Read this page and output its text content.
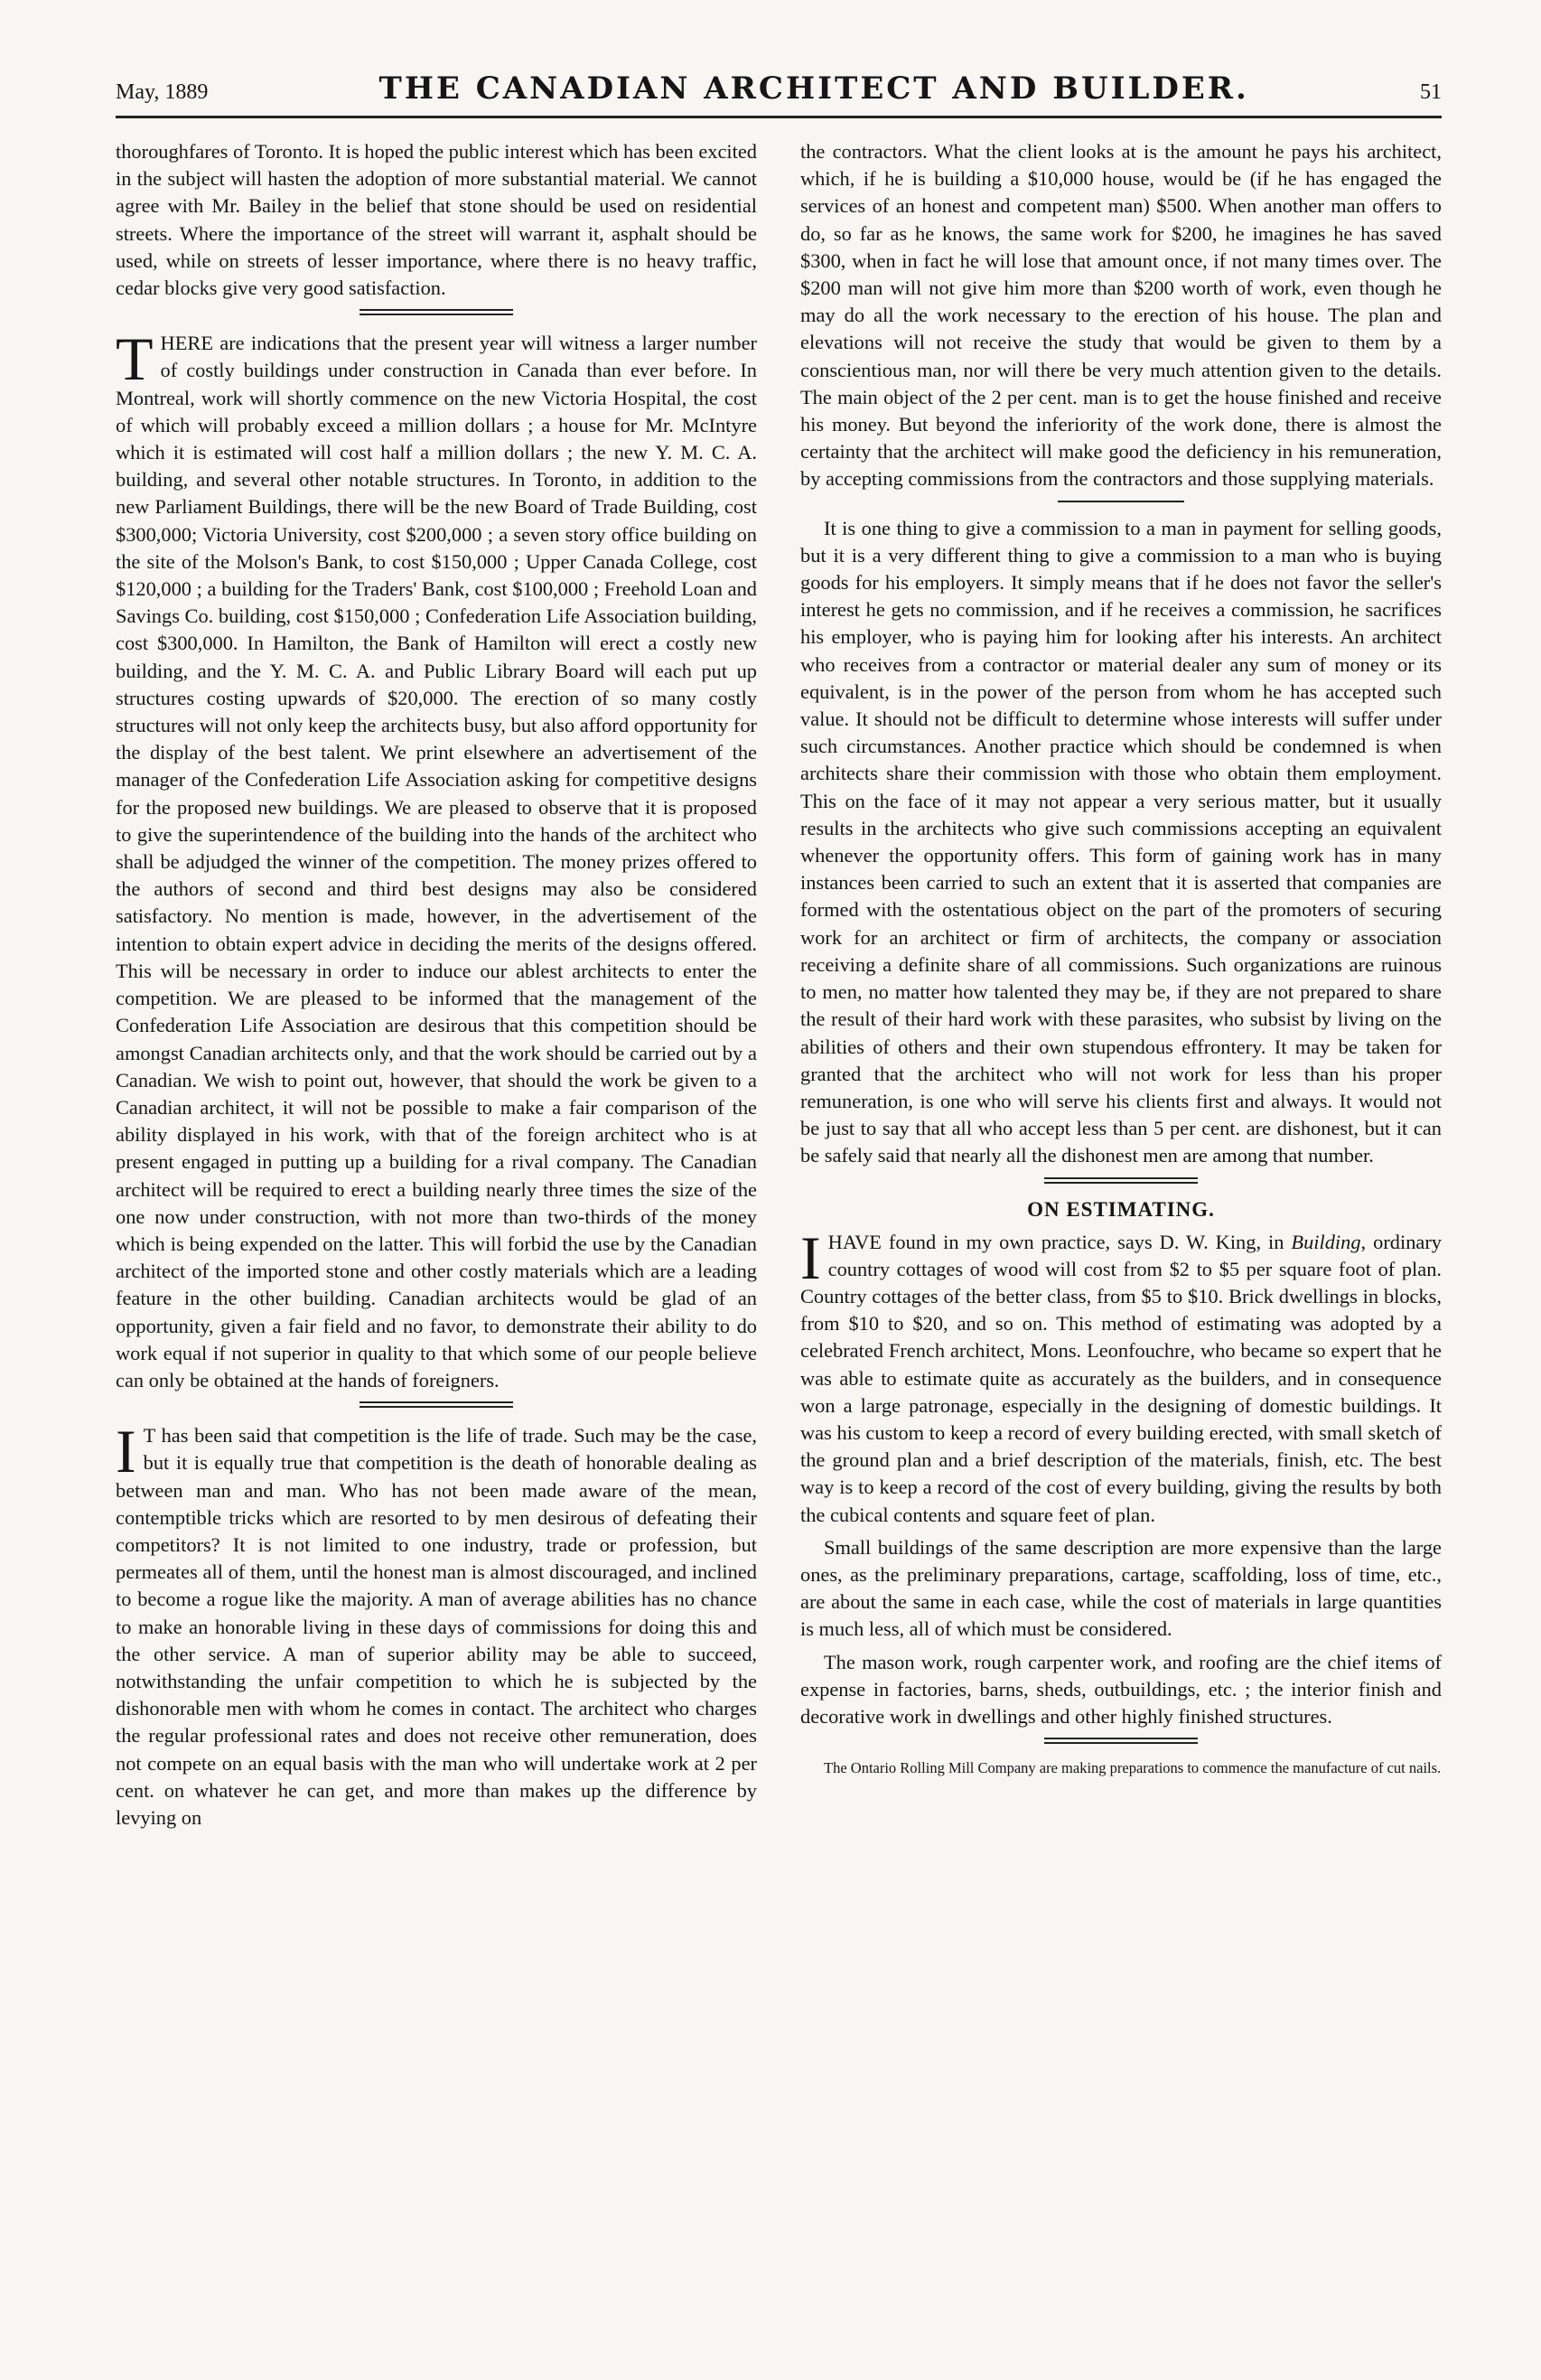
May, 1889	THE CANADIAN ARCHITECT AND BUILDER.	51

thoroughfares of Toronto. It is hoped the public interest which has been excited in the subject will hasten the adoption of more substantial material. We cannot agree with Mr. Bailey in the belief that stone should be used on residential streets. Where the importance of the street will warrant it, asphalt should be used, while on streets of lesser importance, where there is no heavy traffic, cedar blocks give very good satisfaction.

THERE are indications that the present year will witness a larger number of costly buildings under construction in Canada than ever before. In Montreal, work will shortly commence on the new Victoria Hospital, the cost of which will probably exceed a million dollars ; a house for Mr. McIntyre which it is estimated will cost half a million dollars ; the new Y. M. C. A. building, and several other notable structures. In Toronto, in addition to the new Parliament Buildings, there will be the new Board of Trade Building, cost $300,000; Victoria University, cost $200,000 ; a seven story office building on the site of the Molson's Bank, to cost $150,000 ; Upper Canada College, cost $120,000 ; a building for the Traders' Bank, cost $100,000 ; Freehold Loan and Savings Co. building, cost $150,000 ; Confederation Life Association building, cost $300,000. In Hamilton, the Bank of Hamilton will erect a costly new building, and the Y. M. C. A. and Public Library Board will each put up structures costing upwards of $20,000. The erection of so many costly structures will not only keep the architects busy, but also afford opportunity for the display of the best talent. We print elsewhere an advertisement of the manager of the Confederation Life Association asking for competitive designs for the proposed new buildings. We are pleased to observe that it is proposed to give the superintendence of the building into the hands of the architect who shall be adjudged the winner of the competition. The money prizes offered to the authors of second and third best designs may also be considered satisfactory. No mention is made, however, in the advertisement of the intention to obtain expert advice in deciding the merits of the designs offered. This will be necessary in order to induce our ablest architects to enter the competition. We are pleased to be informed that the management of the Confederation Life Association are desirous that this competition should be amongst Canadian architects only, and that the work should be carried out by a Canadian. We wish to point out, however, that should the work be given to a Canadian architect, it will not be possible to make a fair comparison of the ability displayed in his work, with that of the foreign architect who is at present engaged in putting up a building for a rival company. The Canadian architect will be required to erect a building nearly three times the size of the one now under construction, with not more than two-thirds of the money which is being expended on the latter. This will forbid the use by the Canadian architect of the imported stone and other costly materials which are a leading feature in the other building. Canadian architects would be glad of an opportunity, given a fair field and no favor, to demonstrate their ability to do work equal if not superior in quality to that which some of our people believe can only be obtained at the hands of foreigners.

I T has been said that competition is the life of trade. Such may be the case, but it is equally true that competition is the death of honorable dealing as between man and man. Who has not been made aware of the mean, contemptible tricks which are resorted to by men desirous of defeating their competitors? It is not limited to one industry, trade or profession, but permeates all of them, until the honest man is almost discouraged, and inclined to become a rogue like the majority. A man of average abilities has no chance to make an honorable living in these days of commissions for doing this and the other service. A man of superior ability may be able to succeed, notwithstanding the unfair competition to which he is subjected by the dishonorable men with whom he comes in contact. The architect who charges the regular professional rates and does not receive other remuneration, does not compete on an equal basis with the man who will undertake work at 2 per cent. on whatever he can get, and more than makes up the difference by levying on

the contractors. What the client looks at is the amount he pays his architect, which, if he is building a $10,000 house, would be (if he has engaged the services of an honest and competent man) $500. When another man offers to do, so far as he knows, the same work for $200, he imagines he has saved $300, when in fact he will lose that amount once, if not many times over. The $200 man will not give him more than $200 worth of work, even though he may do all the work necessary to the erection of his house. The plan and elevations will not receive the study that would be given to them by a conscientious man, nor will there be very much attention given to the details. The main object of the 2 per cent. man is to get the house finished and receive his money. But beyond the inferiority of the work done, there is almost the certainty that the architect will make good the deficiency in his remuneration, by accepting commissions from the contractors and those supplying materials.

It is one thing to give a commission to a man in payment for selling goods, but it is a very different thing to give a commission to a man who is buying goods for his employers. It simply means that if he does not favor the seller's interest he gets no commission, and if he receives a commission, he sacrifices his employer, who is paying him for looking after his interests. An architect who receives from a contractor or material dealer any sum of money or its equivalent, is in the power of the person from whom he has accepted such value. It should not be difficult to determine whose interests will suffer under such circumstances. Another practice which should be condemned is when architects share their commission with those who obtain them employment. This on the face of it may not appear a very serious matter, but it usually results in the architects who give such commissions accepting an equivalent whenever the opportunity offers. This form of gaining work has in many instances been carried to such an extent that it is asserted that companies are formed with the ostentatious object on the part of the promoters of securing work for an architect or firm of architects, the company or association receiving a definite share of all commissions. Such organizations are ruinous to men, no matter how talented they may be, if they are not prepared to share the result of their hard work with these parasites, who subsist by living on the abilities of others and their own stupendous effrontery. It may be taken for granted that the architect who will not work for less than his proper remuneration, is one who will serve his clients first and always. It would not be just to say that all who accept less than 5 per cent. are dishonest, but it can be safely said that nearly all the dishonest men are among that number.

ON ESTIMATING.

IHAVE found in my own practice, says D. W. King, in Building, ordinary country cottages of wood will cost from $2 to $5 per square foot of plan. Country cottages of the better class, from $5 to $10. Brick dwellings in blocks, from $10 to $20, and so on. This method of estimating was adopted by a celebrated French architect, Mons. Leonfouchre, who became so expert that he was able to estimate quite as accurately as the builders, and in consequence won a large patronage, especially in the designing of domestic buildings. It was his custom to keep a record of every building erected, with small sketch of the ground plan and a brief description of the materials, finish, etc. The best way is to keep a record of the cost of every building, giving the results by both the cubical contents and square feet of plan.

Small buildings of the same description are more expensive than the large ones, as the preliminary preparations, cartage, scaffolding, loss of time, etc., are about the same in each case, while the cost of materials in large quantities is much less, all of which must be considered.

The mason work, rough carpenter work, and roofing are the chief items of expense in factories, barns, sheds, outbuildings, etc. ; the interior finish and decorative work in dwellings and other highly finished structures.

The Ontario Rolling Mill Company are making preparations to commence the manufacture of cut nails.
